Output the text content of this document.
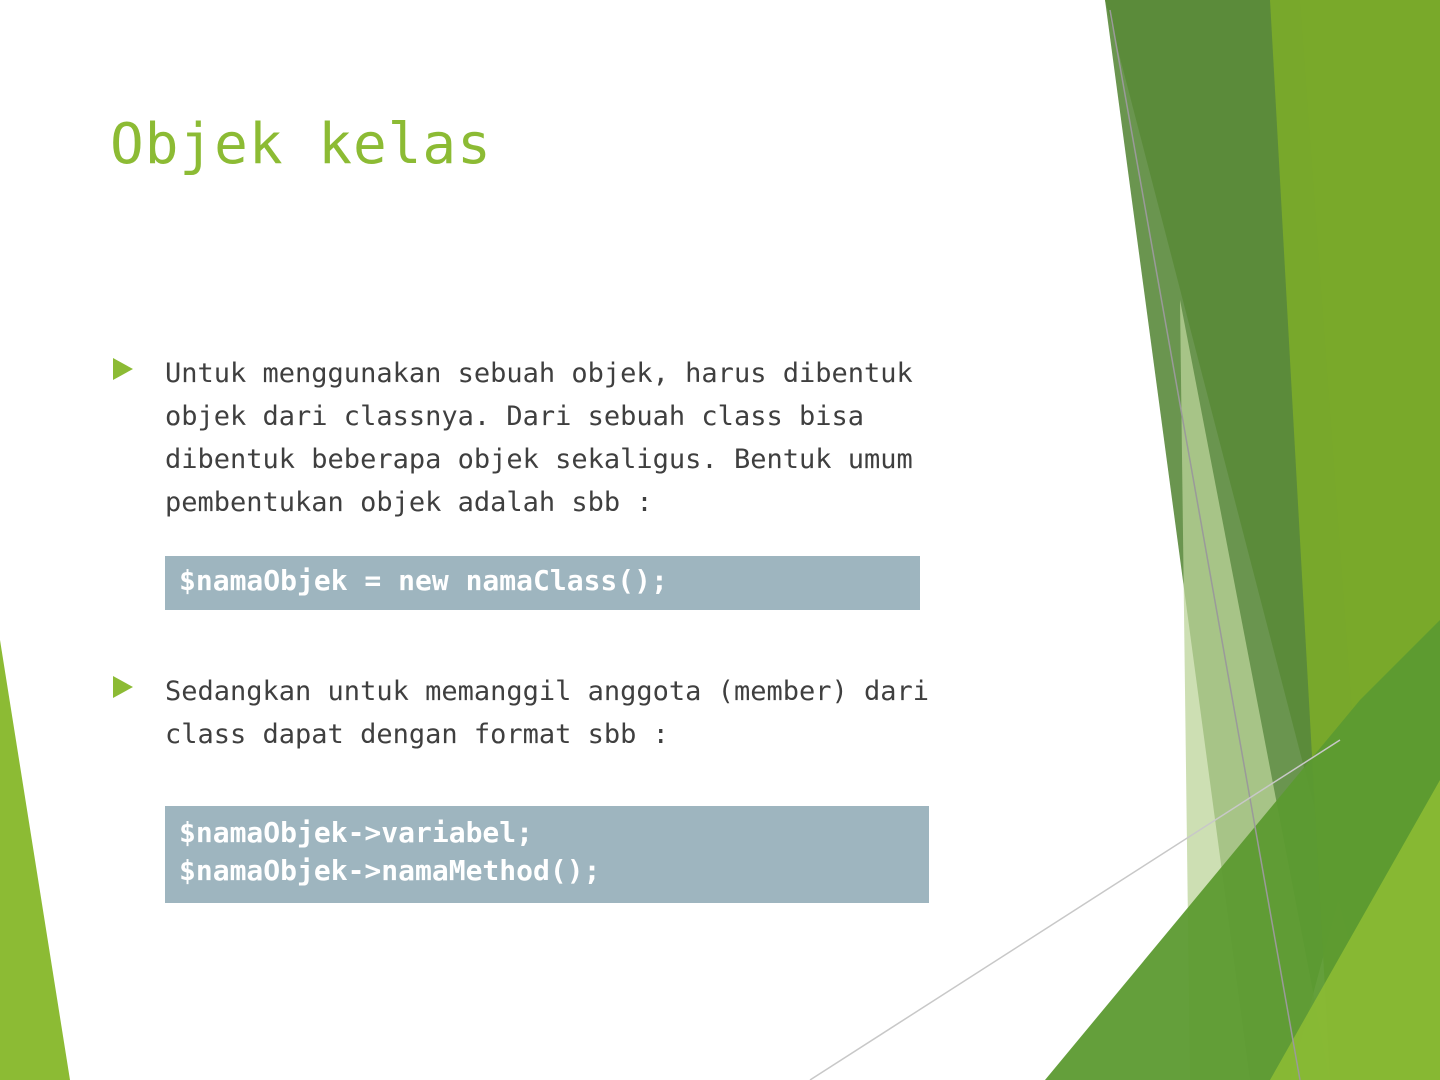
Objek kelas
Untuk menggunakan sebuah objek, harus dibentuk
objek dari classnya. Dari sebuah class bisa
dibentuk beberapa objek sekaligus. Bentuk umum
pembentukan objek adalah sbb :
$namaObjek = new namaClass();
Sedangkan untuk memanggil anggota (member) dari
class dapat dengan format sbb :
$namaObjek->variabel;
$namaObjek->namaMethod();
